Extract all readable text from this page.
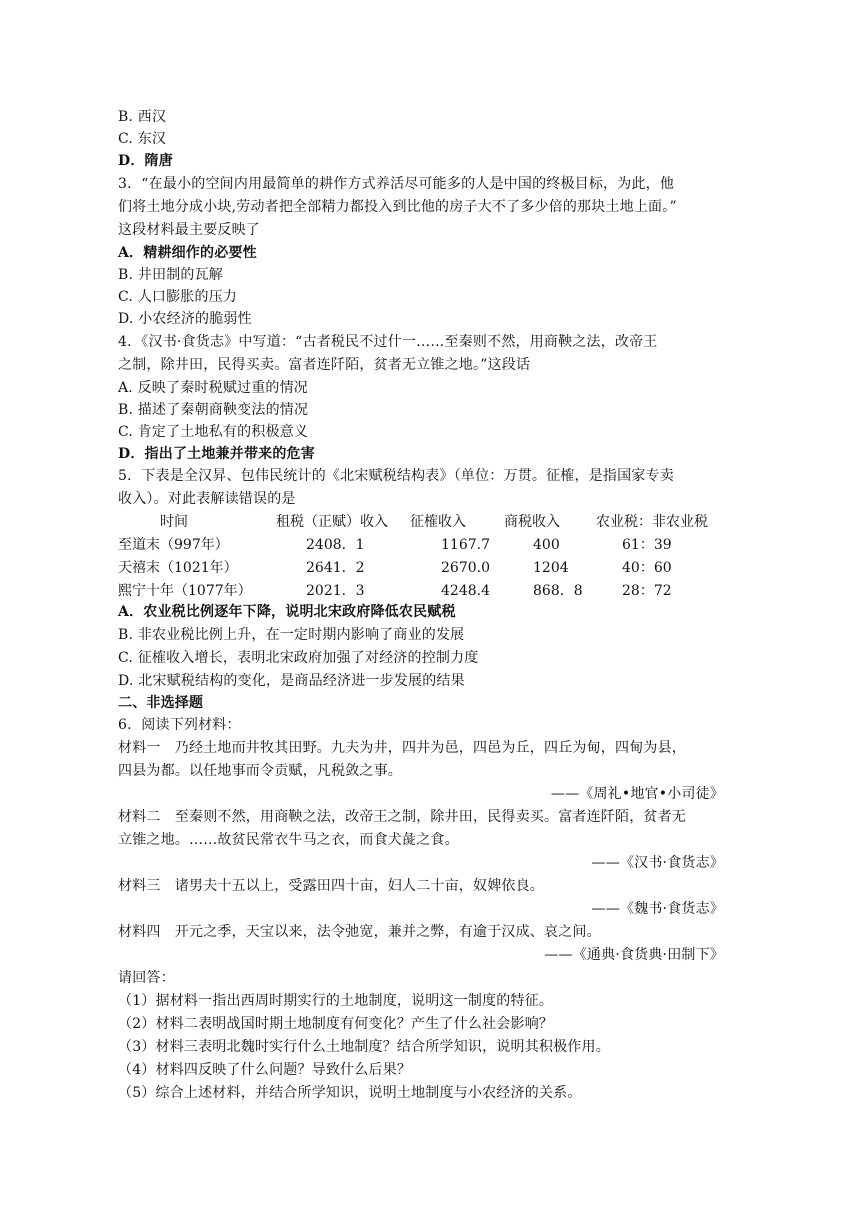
B. 西汉
C. 东汉
D．隋唐
3．“在最小的空间内用最简单的耕作方式养活尽可能多的人是中国的终极目标，为此，他
们将土地分成小块,劳动者把全部精力都投入到比他的房子大不了多少倍的那块土地上面。”
这段材料最主要反映了
A．精耕细作的必要性
B. 井田制的瓦解
C. 人口膨胀的压力
D. 小农经济的脆弱性
4．《汉书·食货志》中写道：“古者税民不过什一……至秦则不然，用商鞅之法，改帝王
之制，除井田，民得买卖。富者连阡陌，贫者无立锥之地。”这段话
A. 反映了秦时税赋过重的情况
B. 描述了秦朝商鞅变法的情况
C. 肯定了土地私有的积极意义
D．指出了土地兼并带来的危害
5．下表是全汉昇、包伟民统计的《北宋赋税结构表》（单位：万贯。征榷，是指国家专卖
收入）。对此表解读错误的是
时间	租税（正赋）收入 征榷收入	商税收入	农业税：非农业税
至道末（997年）	2408．1	1167.7	400	61：39
天禧末（1021年）	2641．2	2670.0	1204	40：60
熙宁十年（1077年）	2021．3	4248.4	868．8	28：72
A．农业税比例逐年下降，说明北宋政府降低农民赋税
B. 非农业税比例上升，在一定时期内影响了商业的发展
C. 征榷收入增长，表明北宋政府加强了对经济的控制力度
D. 北宋赋税结构的变化，是商品经济进一步发展的结果
二、非选择题
6．阅读下列材料：
材料一　乃经土地而井牧其田野。九夫为井，四井为邑，四邑为丘，四丘为甸，四甸为县，
四县为都。以任地事而令贡赋，凡税敛之事。
——《周礼•地官•小司徒》
材料二　至秦则不然，用商鞅之法，改帝王之制，除井田，民得卖买。富者连阡陌，贫者无
立锥之地。……故贫民常衣牛马之衣，而食犬彘之食。
——《汉书·食货志》
材料三　诸男夫十五以上，受露田四十亩，妇人二十亩，奴婢依良。
——《魏书·食货志》
材料四　开元之季，天宝以来，法令弛宽，兼并之弊，有逾于汉成、哀之间。
——《通典·食货典·田制下》
请回答：
（1）据材料一指出西周时期实行的土地制度，说明这一制度的特征。
（2）材料二表明战国时期土地制度有何变化？产生了什么社会影响？
（3）材料三表明北魏时实行什么土地制度？结合所学知识，说明其积极作用。
（4）材料四反映了什么问题？导致什么后果？
（5）综合上述材料，并结合所学知识，说明土地制度与小农经济的关系。
